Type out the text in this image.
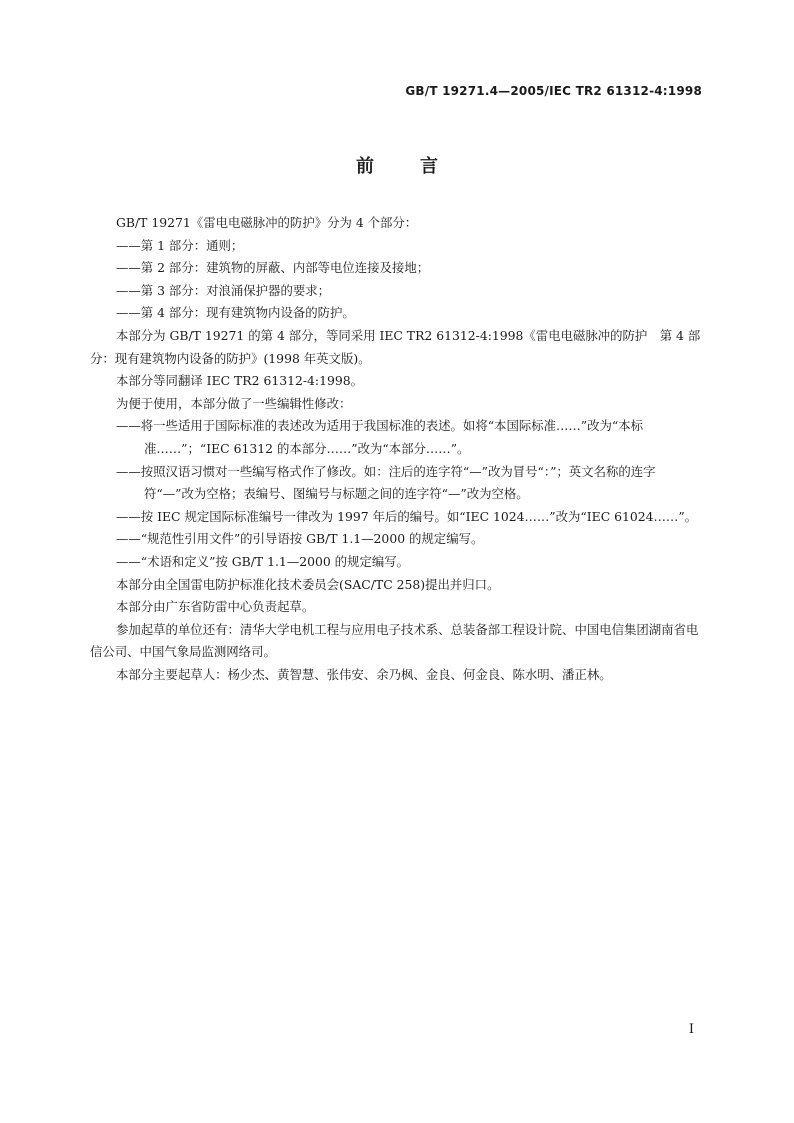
GB/T 19271.4—2005/IEC TR2 61312-4:1998
前言

GB/T 19271《雷电电磁脉冲的防护》分为 4 个部分：

——第 1 部分：通则；

——第 2 部分：建筑物的屏蔽、内部等电位连接及接地；

——第 3 部分：对浪涌保护器的要求；

——第 4 部分：现有建筑物内设备的防护。

本部分为 GB/T 19271 的第 4 部分，等同采用 IEC TR2 61312-4:1998《雷电电磁脉冲的防护　第 4 部分：现有建筑物内设备的防护》(1998 年英文版)。

本部分等同翻译 IEC TR2 61312-4:1998。

为便于使用，本部分做了一些编辑性修改：

——将一些适用于国际标准的表述改为适用于我国标准的表述。如将“本国际标准……”改为“本标准……”；“IEC 61312 的本部分……”改为“本部分……”。

——按照汉语习惯对一些编写格式作了修改。如：注后的连字符“—”改为冒号“：”；英文名称的连字符“—”改为空格；表编号、图编号与标题之间的连字符“—”改为空格。

——按 IEC 规定国际标准编号一律改为 1997 年后的编号。如“IEC 1024……”改为“IEC 61024……”。

——“规范性引用文件”的引导语按 GB/T 1.1—2000 的规定编写。

——“术语和定义”按 GB/T 1.1—2000 的规定编写。

本部分由全国雷电防护标准化技术委员会(SAC/TC 258)提出并归口。

本部分由广东省防雷中心负责起草。

参加起草的单位还有：清华大学电机工程与应用电子技术系、总装备部工程设计院、中国电信集团湖南省电信公司、中国气象局监测网络司。

本部分主要起草人：杨少杰、黄智慧、张伟安、余乃枫、金良、何金良、陈水明、潘正林。

I
